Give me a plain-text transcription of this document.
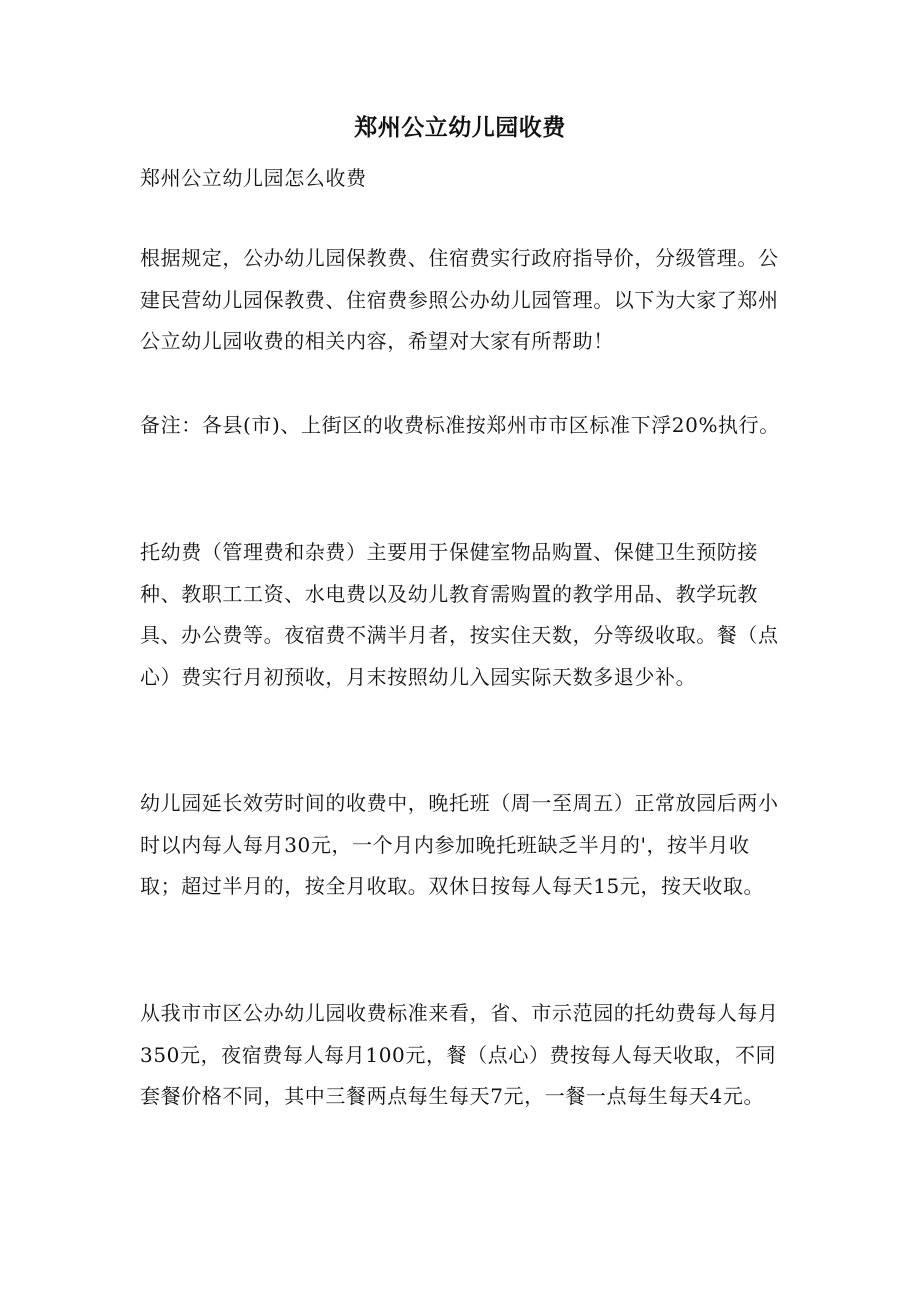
郑州公立幼儿园收费
郑州公立幼儿园怎么收费
根据规定，公办幼儿园保教费、住宿费实行政府指导价，分级管理。公建民营幼儿园保教费、住宿费参照公办幼儿园管理。以下为大家了郑州公立幼儿园收费的相关内容，希望对大家有所帮助！
备注：各县(市)、上街区的收费标准按郑州市市区标准下浮20%执行。
托幼费（管理费和杂费）主要用于保健室物品购置、保健卫生预防接种、教职工工资、水电费以及幼儿教育需购置的教学用品、教学玩教具、办公费等。夜宿费不满半月者，按实住天数，分等级收取。餐（点心）费实行月初预收，月末按照幼儿入园实际天数多退少补。
幼儿园延长效劳时间的收费中，晚托班（周一至周五）正常放园后两小时以内每人每月30元，一个月内参加晚托班缺乏半月的'，按半月收取；超过半月的，按全月收取。双休日按每人每天15元，按天收取。
从我市市区公办幼儿园收费标准来看，省、市示范园的托幼费每人每月350元，夜宿费每人每月100元，餐（点心）费按每人每天收取，不同套餐价格不同，其中三餐两点每生每天7元，一餐一点每生每天4元。
